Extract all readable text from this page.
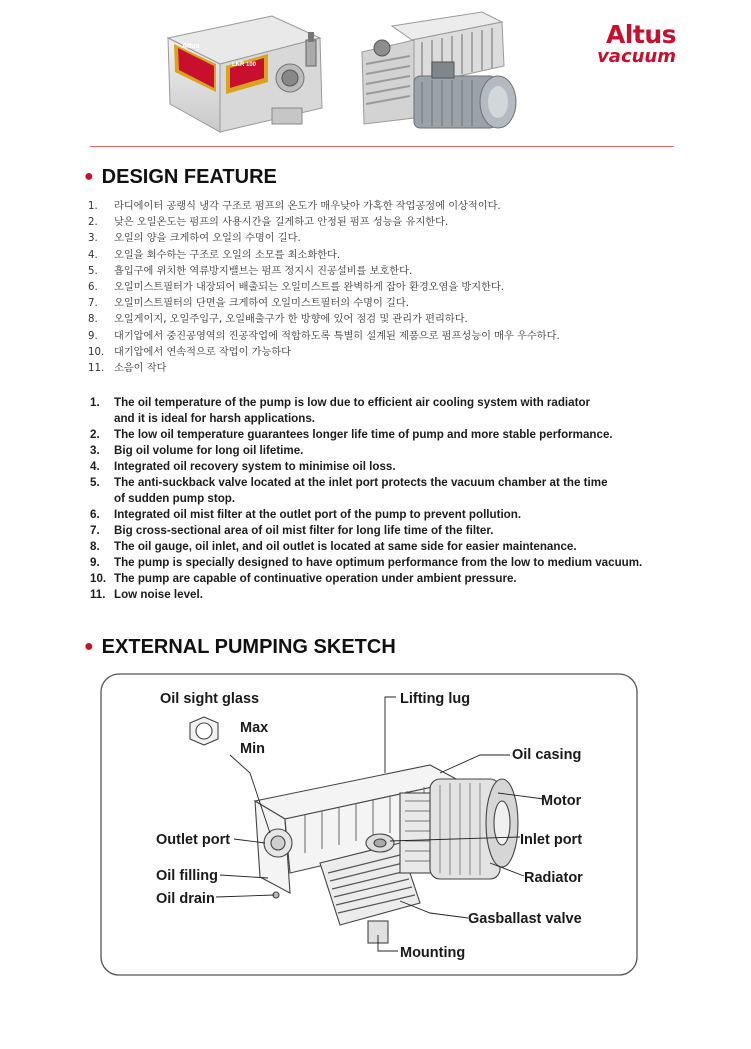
Altus
LKR 100
Altus
vacuum
● DESIGN FEATURE
1. 라디에이터 공랭식 냉각 구조로 펌프의 온도가 매우낮아 가혹한 작업공정에 이상적이다.
2. 낮은 오일온도는 펌프의 사용시간을 길게하고 안정된 펌프 성능을 유지한다.
3. 오일의 양을 크게하여 오일의 수명이 길다.
4. 오일을 회수하는 구조로 오일의 소모를 최소화한다.
5. 흡입구에 위치한 역류방지밸브는 펌프 정지시 진공설비를 보호한다.
6. 오일미스트필터가 내장되어 배출되는 오일미스트를 완벽하게 잡아 환경오염을 방지한다.
7. 오일미스트필터의 단면을 크게하여 오일미스트필터의 수명이 길다.
8. 오일게이지, 오일주입구, 오일배출구가 한 방향에 있어 점검 및 관리가 편리하다.
9. 대기압에서 중진공영역의 진공작업에 적합하도록 특별히 설계된 제품으로 펌프성능이 매우 우수하다.
10. 대기압에서 연속적으로 작업이 가능하다
11. 소음이 작다
1. The oil temperature of the pump is low due to efficient air cooling system with radiator
and it is ideal for harsh applications.
2. The low oil temperature guarantees longer life time of pump and more stable performance.
3. Big oil volume for long oil lifetime.
4. Integrated oil recovery system to minimise oil loss.
5. The anti-suckback valve located at the inlet port protects the vacuum chamber at the time
of sudden pump stop.
6. Integrated oil mist filter at the outlet port of the pump to prevent pollution.
7. Big cross-sectional area of oil mist filter for long life time of the filter.
8. The oil gauge, oil inlet, and oil outlet is located at same side for easier maintenance.
9. The pump is specially designed to have optimum performance from the low to medium vacuum.
10. The pump are capable of continuative operation under ambient pressure.
11. Low noise level.
● EXTERNAL PUMPING SKETCH
Oil sight glass
Max
Min
Outlet port
Oil filling
Oil drain
Lifting lug
Oil casing
Motor
Inlet port
Radiator
Gasballast valve
Mounting
